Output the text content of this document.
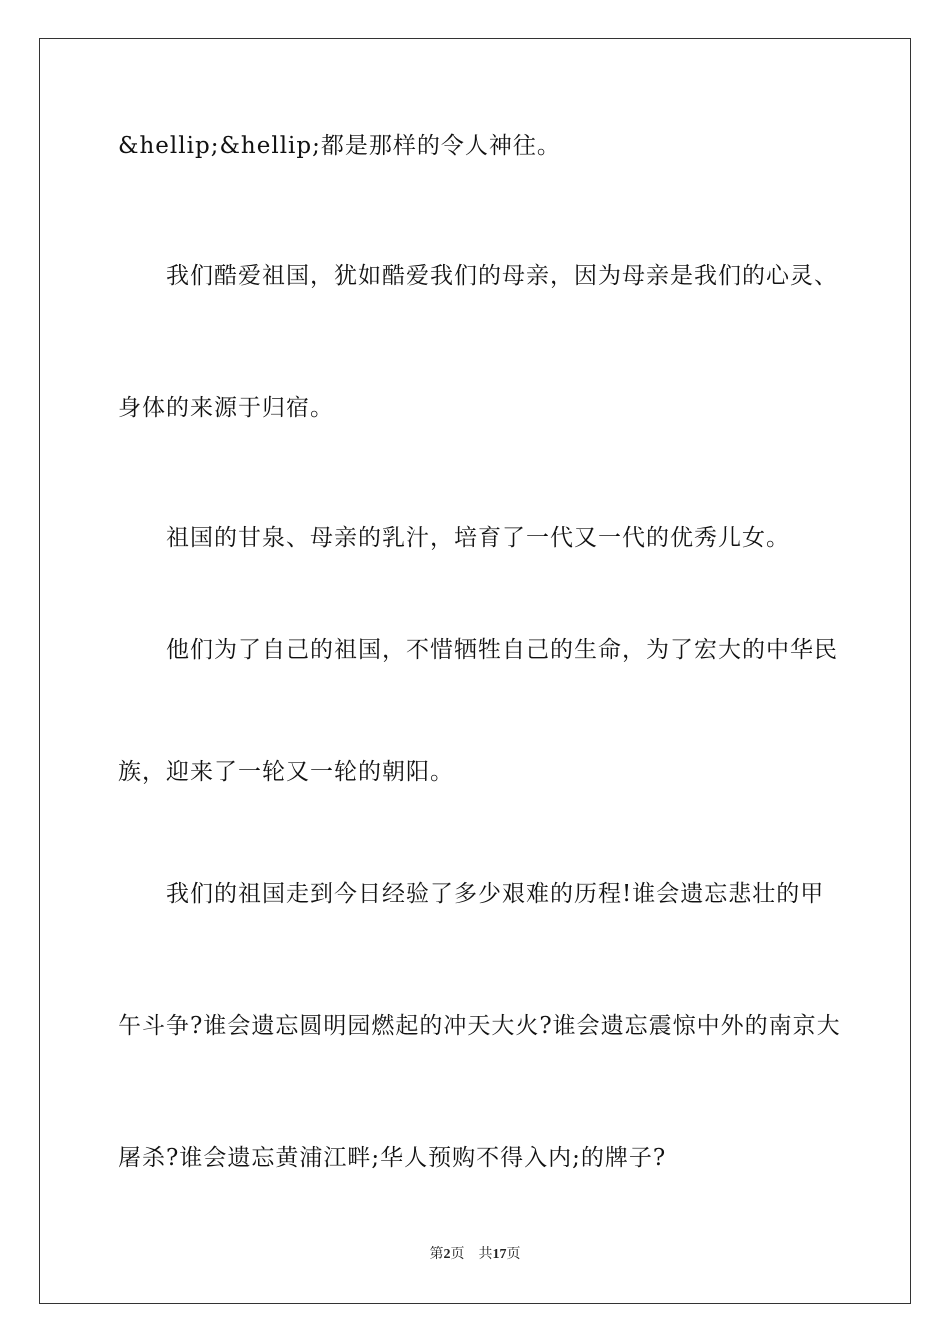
&hellip;&hellip;都是那样的令人神往。
我们酷爱祖国，犹如酷爱我们的母亲，因为母亲是我们的心灵、
身体的来源于归宿。
祖国的甘泉、母亲的乳汁，培育了一代又一代的优秀儿女。
他们为了自己的祖国，不惜牺牲自己的生命，为了宏大的中华民
族，迎来了一轮又一轮的朝阳。
我们的祖国走到今日经验了多少艰难的历程!谁会遗忘悲壮的甲
午斗争?谁会遗忘圆明园燃起的冲天大火?谁会遗忘震惊中外的南京大
屠杀?谁会遗忘黄浦江畔;华人预购不得入内;的牌子?
第2页 共17页
